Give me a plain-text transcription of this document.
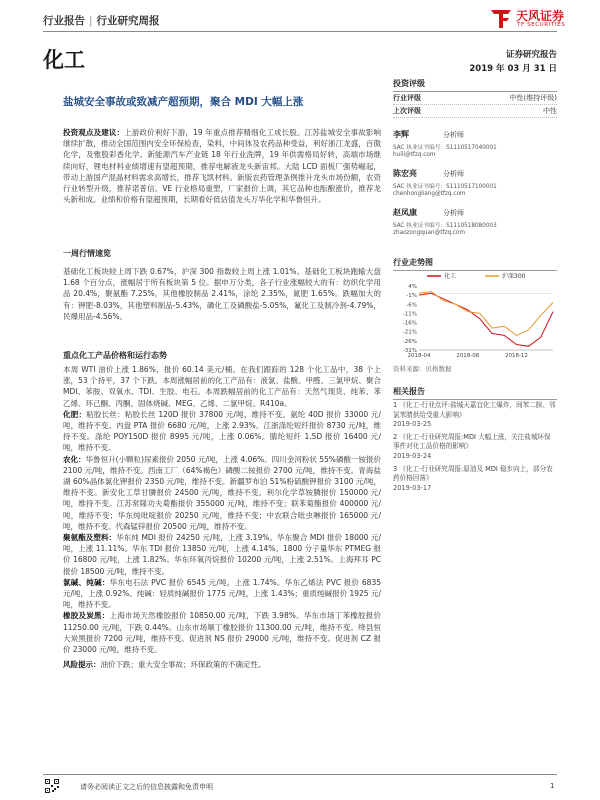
行业报告 | 行业研究周报	天风证券
TF SECURITIES
化工	证券研究报告
2019 年 03 月 31 日
盐城安全事故或致减产超预期，聚合 MDI 大幅上涨
投资评级
行业评级	中性(维持评级)
上次评级	中性
李辉	分析师
SAC 执业证书编号：S1110517040001
huili@tfzq.com
陈宏亮	分析师
SAC 执业证书编号：S1110517100001
chenhongliang@tfzq.com
赵凤康	分析师
SAC 执业证书编号：S1110518080003
zhaozongquan@tfzq.com
行业走势图
4%
-1%
-6%
-11%
-16%
-21%
-26%
-31%
2018-04	2018-08	2018-12
化工	沪深300
资料来源：贝格数据
相关报告
1 《化工-行业点评:盐城天嘉宜化工爆炸，间苯二胺、邻氯苯腈供给受重大影响》
2019-03-25
2 《化工-行业研究周报:MDI 大幅上涨，关注盐城环保事件对化工品价格的影响》
2019-03-24
3 《化工-行业研究周报:原油及 MDI 稳步向上，部分农药价格回落》
2019-03-17

投资观点及建议：上游政价利好下游，19 年重点推荐精细化工成长股。江苏盐城安全事故影响继续扩散，推动全国范围内安全环保检查，染料，中间体及农药品种受益，利好浙江龙盛，百傲化学，及雅股彩香化学。新能源汽车产业链 18 年行业洗牌，19 年供需格局好转，高端市场继续向好，锂电材料业绩增速有望超预期，推荐电解液龙头新宙邦。大陆 LCD 面板厂强势崛起，带动上游国产混晶材料需求高增长，推荐飞凯材料。新版农药管理条例推升龙头市场份额，农资行业转型升级，推荐诺普信。VE 行业格局重塑，厂家报价上调，其它品种也酝酿涨价，推荐龙头新和成。业绩和价格有望超预期，长期看好低估值龙头万华化学和华鲁恒升。

一周行情速览

基础化工板块较上周下跌 0.67%，沪深 300 指数较上周上涨 1.01%。基础化工板块跑输大盘 1.68 个百分点，涨幅居于所有板块第 5 位。据申万分类，各子行业涨幅较大的有：纺织化学用品 20.4%，聚氨酯 7.25%，其他橡胶制品 2.41%，涂纶 2.35%，氮肥 1.65%。跌幅加大的有：钾肥-8.03%，其他塑料制品-5.43%，磷化工及磷酸盐-5.05%，氟化工及制冷剂-4.79%，民爆用品-4.56%。

重点化工产品价格和运行态势

本周 WTI 油价上涨 1.86%，报价 60.14 美元/桶。在我们跟踪的 128 个化工品中，38 个上涨，53 个持平，37 个下跌。本周涨幅居前的化工产品有：液氯、盐酸、甲醛、三氯甲烷、聚合 MDI、苯胺、双氧水、TDI、生胶、电石。本周跌幅居前的化工产品有：天然气现货、纯苯、苯乙烯、环己酮、丙酮、固体烧碱、MEG、乙烯、二氯甲烷、R410a。

化肥：粘胶长丝：粘胶长丝 120D 报价 37800 元/吨，维持不变。氨纶 40D 报价 33000 元/吨，维持不变。内盘 PTA 报价 6680 元/吨，上涨 2.93%。江浙涤纶短纤报价 8730 元/吨，维持不变。涤纶 POY150D 报价 8995 元/吨，上涨 0.06%。腈纶短纤 1.5D 报价 16400 元/吨，维持不变。

农化：华鲁恒升(小颗粒)尿素报价 2050 元/吨，上涨 4.06%。四川金河粉状 55%磷酸一铵报价 2100 元/吨，维持不变。西南工厂（64%褐色）磷酸二铵报价 2700 元/吨，维持不变。青海盐湖 60%晶体氯化钾报价 2350 元/吨，维持不变。新疆罗布泊 51%粉硫酸钾报价 3100 元/吨，维持不变。新安化工草甘膦报价 24500 元/吨，维持不变。利尔化学草铵膦报价 150000 元/吨，维持不变。江苏常隆功夫菊酯报价 355000 元/吨，维持不变；联苯菊酯报价 400000 元/吨，维持不变；华东纯吡啶报价 20250 元/吨，维持不变；中农联合吡虫啉报价 165000 元/吨，维持不变。代森锰锌报价 20500 元/吨，维持不变。

聚氨酯及塑料：华东纯 MDI 报价 24250 元/吨，上涨 3.19%。华东聚合 MDI 报价 18000 元/吨，上涨 11.11%。华东 TDI 报价 13850 元/吨，上涨 4.14%。1800 分子量华东 PTMEG 报价 16800 元/吨，上涨 1.82%。华东环氧丙烷报价 10200 元/吨，上涨 2.51%。上海拜耳 PC 报价 18500 元/吨，维持不变。

氯碱、纯碱：华东电石法 PVC 报价 6545 元/吨，上涨 1.74%。华东乙烯法 PVC 报价 6835 元/吨，上涨 0.92%。纯碱：轻质纯碱报价 1775 元/吨，上涨 1.43%；重质纯碱报价 1925 元/吨，维持不变。

橡胶及炭黑：上海市场天然橡胶报价 10850.00 元/吨，下跌 3.98%。华东市场丁苯橡胶报价 11250.00 元/吨，下跌 0.44%。山东市场顺丁橡胶报价 11300.00 元/吨，维持不变。绛县恒大炭黑报价 7200 元/吨，维持不变。促进剂 NS 报价 29000 元/吨，维持不变。促进剂 CZ 报价 23000 元/吨，维持不变。

风险提示：油价下跌；重大安全事故；环保政策的不确定性。

请务必阅读正文之后的信息披露和免责申明	1
